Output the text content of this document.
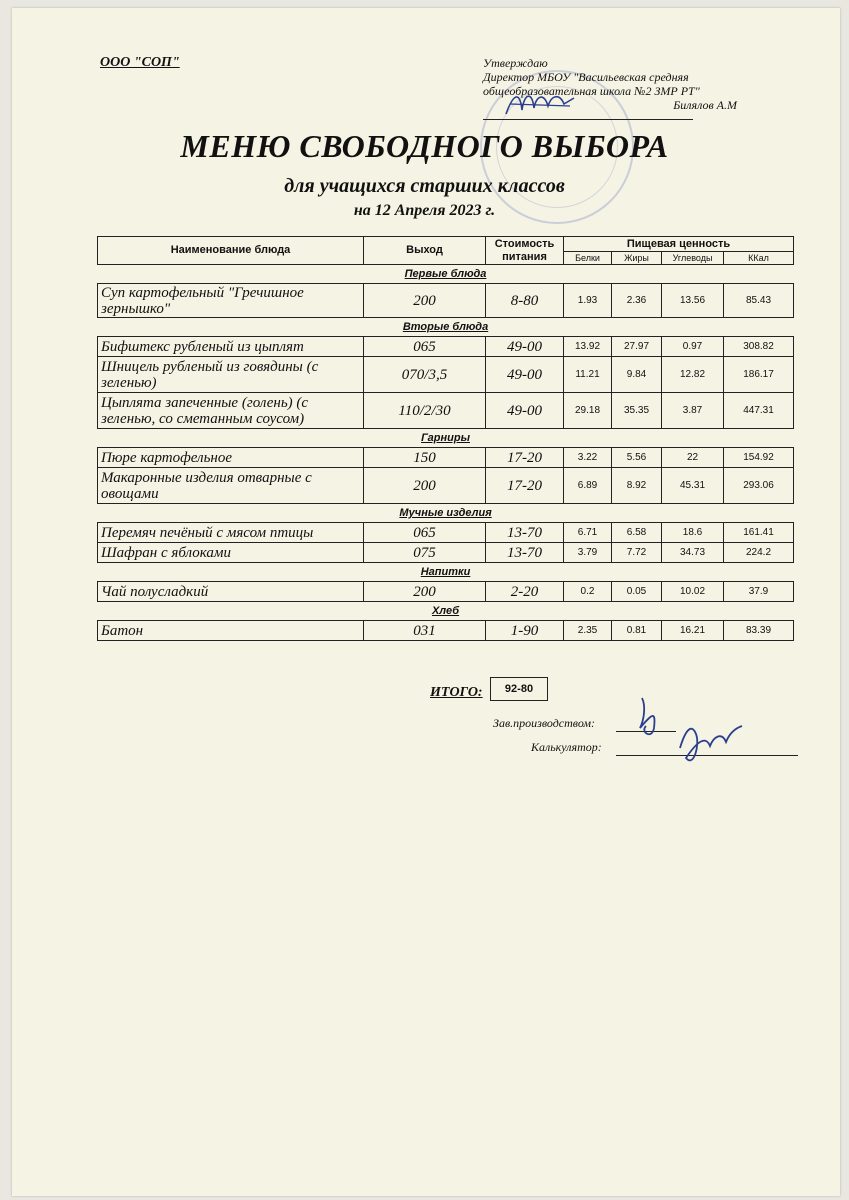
ООО "СОП"	Утверждаю
Директор МБОУ "Васильевская средняя
общеобразовательная школа №2 ЗМР РТ"
Билялов А.М
МЕНЮ СВОБОДНОГО ВЫБОРА
для учащихся старших классов
на 12 Апреля 2023 г.
Наименование блюда	Выход	Стоимость питания	Пищевая ценность			
			Белки	Жиры	Углеводы	ККал
Первые блюда						
Суп картофельный "Гречишное зернышко"	200	8-80	1.93	2.36	13.56	85.43
Вторые блюда						
Бифштекс рубленый из цыплят	065	49-00	13.92	27.97	0.97	308.82
Шницель рубленый из говядины (с зеленью)	070/3,5	49-00	11.21	9.84	12.82	186.17
Цыплята запеченные (голень) (с зеленью, со сметанным соусом)	110/2/30	49-00	29.18	35.35	3.87	447.31
Гарниры						
Пюре картофельное	150	17-20	3.22	5.56	22	154.92
Макаронные изделия отварные с овощами	200	17-20	6.89	8.92	45.31	293.06
Мучные изделия						
Перемяч печёный с мясом птицы	065	13-70	6.71	6.58	18.6	161.41
Шафран с яблоками	075	13-70	3.79	7.72	34.73	224.2
Напитки						
Чай полусладкий	200	2-20	0.2	0.05	10.02	37.9
Хлеб						
Батон	031	1-90	2.35	0.81	16.21	83.39
ИТОГО:	92-80
Зав.производством:
Калькулятор:
